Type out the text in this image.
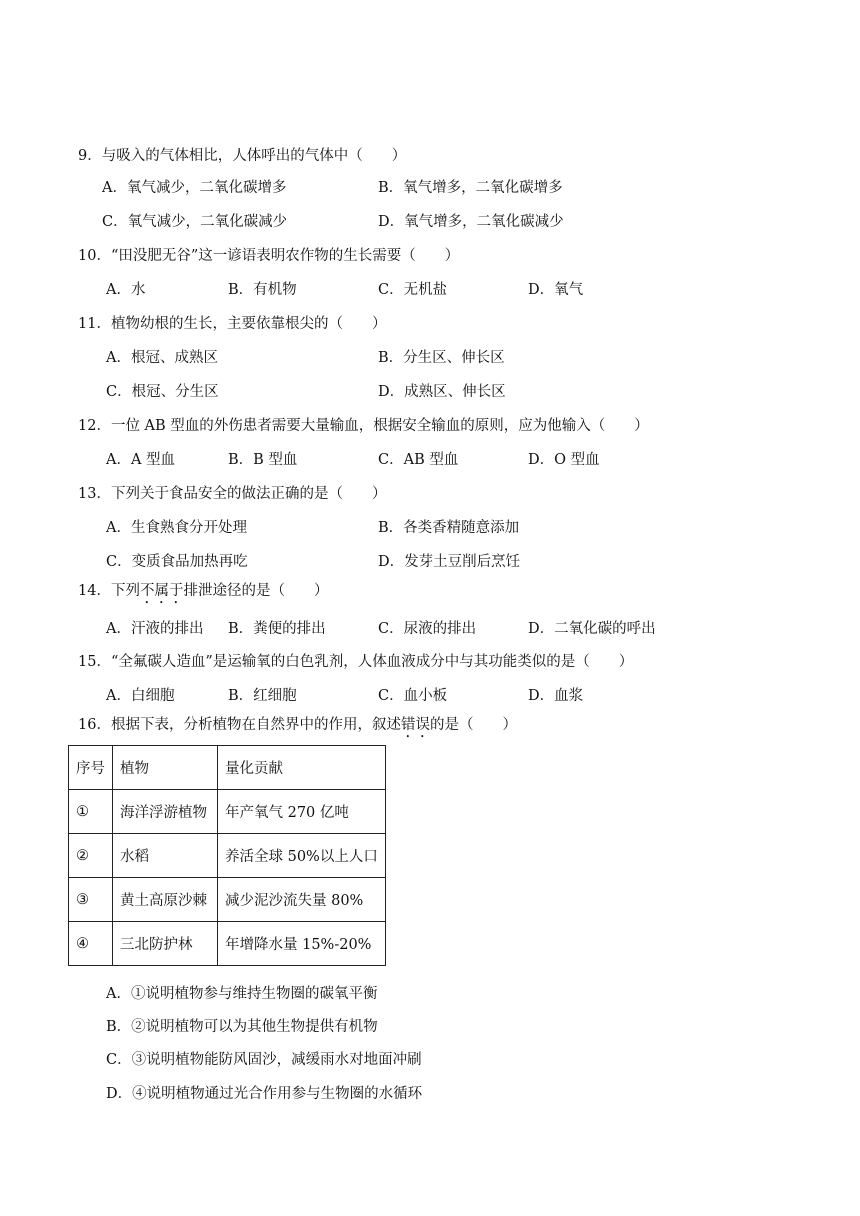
9．与吸入的气体相比，人体呼出的气体中（　　）
A．氧气减少，二氧化碳增多	B．氧气增多，二氧化碳增多
C．氧气减少，二氧化碳减少	D．氧气增多，二氧化碳减少
10．“田没肥无谷”这一谚语表明农作物的生长需要（　　）
A．水	B．有机物	C．无机盐	D．氧气
11．植物幼根的生长，主要依靠根尖的（　　）
A．根冠、成熟区	B．分生区、伸长区
C．根冠、分生区	D．成熟区、伸长区
12．一位 AB 型血的外伤患者需要大量输血，根据安全输血的原则，应为他输入（　　）
A．A 型血	B．B 型血	C．AB 型血	D．O 型血
13．下列关于食品安全的做法正确的是（　　）
A．生食熟食分开处理	B．各类香精随意添加
C．变质食品加热再吃	D．发芽土豆削后烹饪
14．下列不属于排泄途径的是（　　）
A．汗液的排出 B．粪便的排出	C．尿液的排出	D．二氧化碳的呼出
15．“全氟碳人造血”是运输氧的白色乳剂，人体血液成分中与其功能类似的是（　　）
A．白细胞	B．红细胞	C．血小板	D．血浆
16．根据下表，分析植物在自然界中的作用，叙述错误的是（　　）
序号	植物	量化贡献
①	海洋浮游植物	年产氧气 270 亿吨
②	水稻	养活全球 50%以上人口
③	黄土高原沙棘	减少泥沙流失量 80%
④	三北防护林	年增降水量 15%-20%
A．①说明植物参与维持生物圈的碳氧平衡
B．②说明植物可以为其他生物提供有机物
C．③说明植物能防风固沙，减缓雨水对地面冲刷
D．④说明植物通过光合作用参与生物圈的水循环
